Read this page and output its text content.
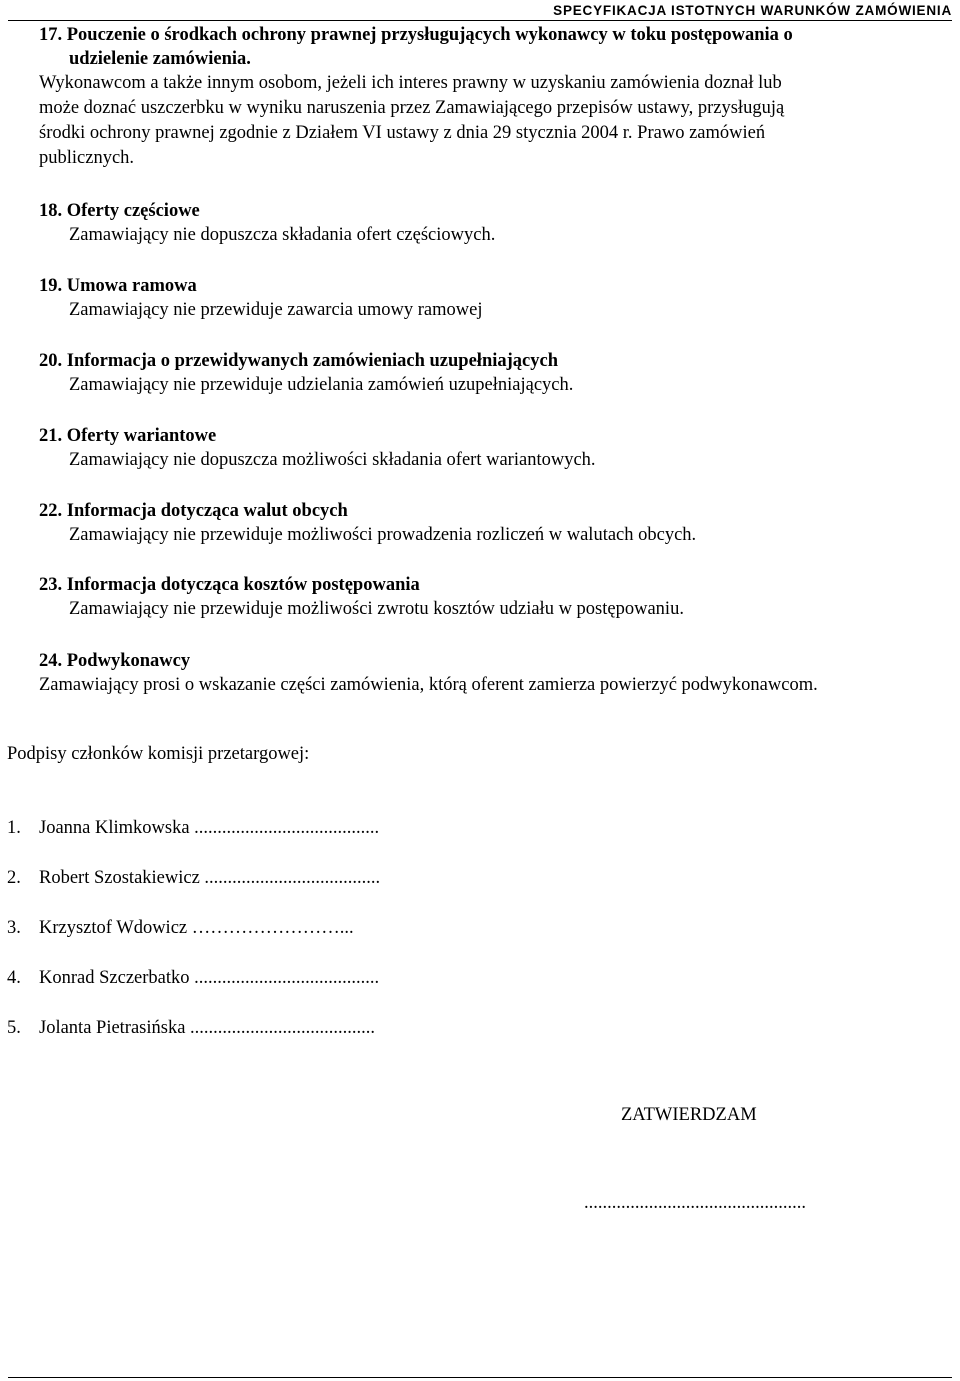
SPECYFIKACJA ISTOTNYCH WARUNKÓW ZAMÓWIENIA
17. Pouczenie o środkach ochrony prawnej przysługujących wykonawcy w toku postępowania o
udzielenie zamówienia.
Wykonawcom a także innym osobom, jeżeli ich interes prawny w uzyskaniu zamówienia doznał lub
może doznać uszczerbku w wyniku naruszenia przez Zamawiającego przepisów ustawy, przysługują
środki ochrony prawnej zgodnie z Działem VI ustawy z dnia 29 stycznia 2004 r. Prawo zamówień
publicznych.
18. Oferty częściowe
Zamawiający nie dopuszcza składania ofert częściowych.
19. Umowa ramowa
Zamawiający nie przewiduje zawarcia umowy ramowej
20. Informacja o przewidywanych zamówieniach uzupełniających
Zamawiający nie przewiduje udzielania zamówień uzupełniających.
21. Oferty wariantowe
Zamawiający nie dopuszcza możliwości składania ofert wariantowych.
22. Informacja dotycząca walut obcych
Zamawiający nie przewiduje możliwości prowadzenia rozliczeń w walutach obcych.
23. Informacja dotycząca kosztów postępowania
Zamawiający nie przewiduje możliwości zwrotu kosztów udziału w postępowaniu.
24. Podwykonawcy
Zamawiający prosi o wskazanie części zamówienia, którą oferent zamierza powierzyć podwykonawcom.
Podpisy członków komisji przetargowej:
1. Joanna Klimkowska ........................................
2. Robert Szostakiewicz ......................................
3. Krzysztof Wdowicz ……………………...
4. Konrad Szczerbatko ........................................
5. Jolanta Pietrasińska ........................................
ZATWIERDZAM
................................................
